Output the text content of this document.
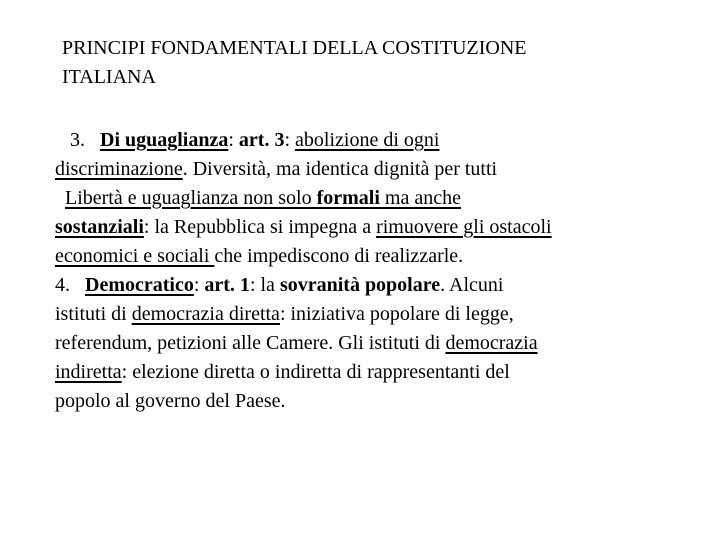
PRINCIPI FONDAMENTALI DELLA COSTITUZIONE
ITALIANA
3.   Di uguaglianza: art. 3: abolizione di ogni
discriminazione. Diversità, ma identica dignità per tutti
Libertà e uguaglianza non solo formali ma anche
sostanziali: la Repubblica si impegna a rimuovere gli ostacoli
economici e sociali che impediscono di realizzarle.
4.   Democratico: art. 1: la sovranità popolare. Alcuni
istituti di democrazia diretta: iniziativa popolare di legge,
referendum, petizioni alle Camere. Gli istituti di democrazia
indiretta: elezione diretta o indiretta di rappresentanti del
popolo al governo del Paese.
